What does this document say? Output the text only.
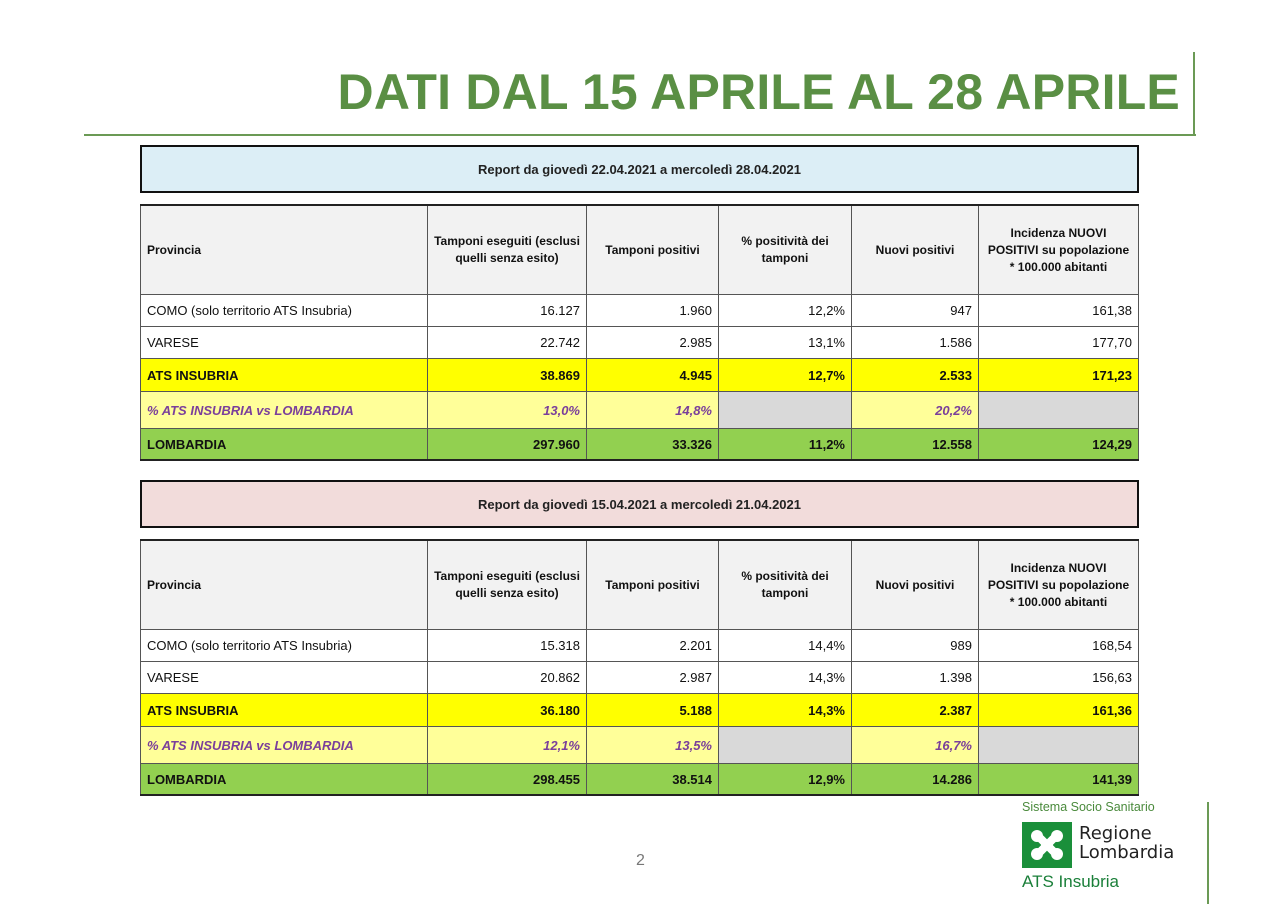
DATI DAL 15 APRILE AL 28 APRILE
Report da giovedì 22.04.2021 a mercoledì 28.04.2021
Provincia	Tamponi eseguiti (esclusi quelli senza esito)	Tamponi positivi	% positività dei tamponi	Nuovi positivi	Incidenza NUOVI POSITIVI su popolazione * 100.000 abitanti
COMO (solo territorio ATS Insubria)	16.127	1.960	12,2%	947	161,38
VARESE	22.742	2.985	13,1%	1.586	177,70
ATS INSUBRIA	38.869	4.945	12,7%	2.533	171,23
% ATS INSUBRIA vs LOMBARDIA	13,0%	14,8%		20,2%	
LOMBARDIA	297.960	33.326	11,2%	12.558	124,29
Report da giovedì 15.04.2021 a mercoledì 21.04.2021
Provincia	Tamponi eseguiti (esclusi quelli senza esito)	Tamponi positivi	% positività dei tamponi	Nuovi positivi	Incidenza NUOVI POSITIVI su popolazione * 100.000 abitanti
COMO (solo territorio ATS Insubria)	15.318	2.201	14,4%	989	168,54
VARESE	20.862	2.987	14,3%	1.398	156,63
ATS INSUBRIA	36.180	5.188	14,3%	2.387	161,36
% ATS INSUBRIA vs LOMBARDIA	12,1%	13,5%		16,7%	
LOMBARDIA	298.455	38.514	12,9%	14.286	141,39
2
Sistema Socio Sanitario
Regione
Lombardia
ATS Insubria
